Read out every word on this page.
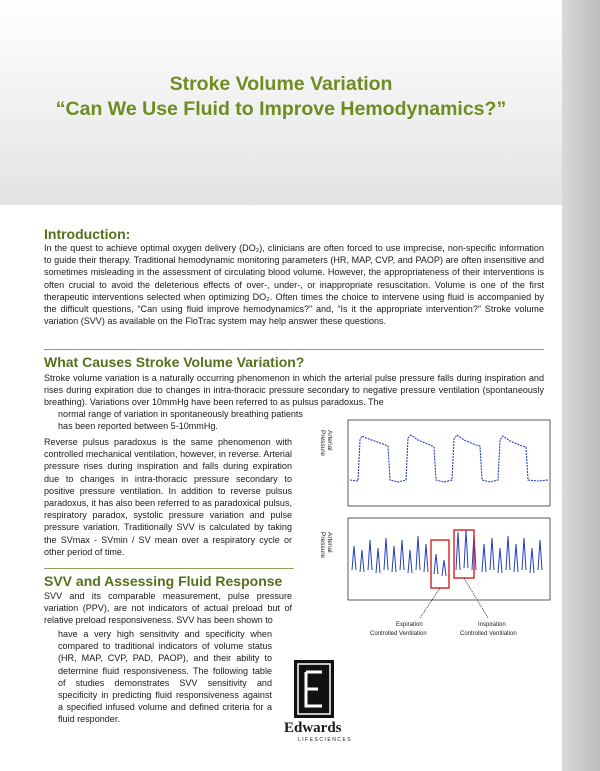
Stroke Volume Variation
“Can We Use Fluid to Improve Hemodynamics?”
Introduction:

In the quest to achieve optimal oxygen delivery (DO₂), clinicians are often forced to use imprecise, non-specific information to guide their therapy. Traditional hemodynamic monitoring parameters (HR, MAP, CVP, and PAOP) are often insensitive and sometimes misleading in the assessment of circulating blood volume. However, the appropriateness of their interventions is often crucial to avoid the deleterious effects of over-, under-, or inappropriate resuscitation. Volume is one of the first therapeutic interventions selected when optimizing DO₂. Often times the choice to intervene using fluid is accompanied by the difficult questions, “Can using fluid improve hemodynamics?” and, “Is it the appropriate intervention?” Stroke volume variation (SVV) as available on the FloTrac system may help answer these questions.

What Causes Stroke Volume Variation?

Stroke volume variation is a naturally occurring phenomenon in which the arterial pulse pressure falls during inspiration and rises during expiration due to changes in intra-thoracic pressure secondary to negative pressure ventilation (spontaneously breathing). Variations over 10mmHg have been referred to as pulsus paradoxus. The

normal range of variation in spontaneously breathing patients has been reported between 5-10mmHg.

Reverse pulsus paradoxus is the same phenomenon with controlled mechanical ventilation, however, in reverse. Arterial pressure rises during inspiration and falls during expiration due to changes in intra-thoracic pressure secondary to positive pressure ventilation. In addition to reverse pulsus paradoxus, it has also been referred to as paradoxical pulsus, respiratory paradox, systolic pressure variation and pulse pressure variation. Traditionally SVV is calculated by taking the SVmax - SVmin / SV mean over a respiratory cycle or other period of time.

SVV and Assessing Fluid Response

SVV and its comparable measurement, pulse pressure variation (PPV), are not indicators of actual preload but of relative preload responsiveness. SVV has been shown to

have a very high sensitivity and specificity when compared to traditional indicators of volume status (HR, MAP, CVP, PAD, PAOP), and their ability to determine fluid responsiveness. The following table of studies demonstrates SVV sensitivity and specificity in predicting fluid responsiveness against a specified infused volume and defined criteria for a fluid responder.

Arterial
Pressure
Arterial
Pressure
Expiration
Controlled Ventilation
Inspiration
Controlled Ventilation
Edwards
LIFESCIENCES
